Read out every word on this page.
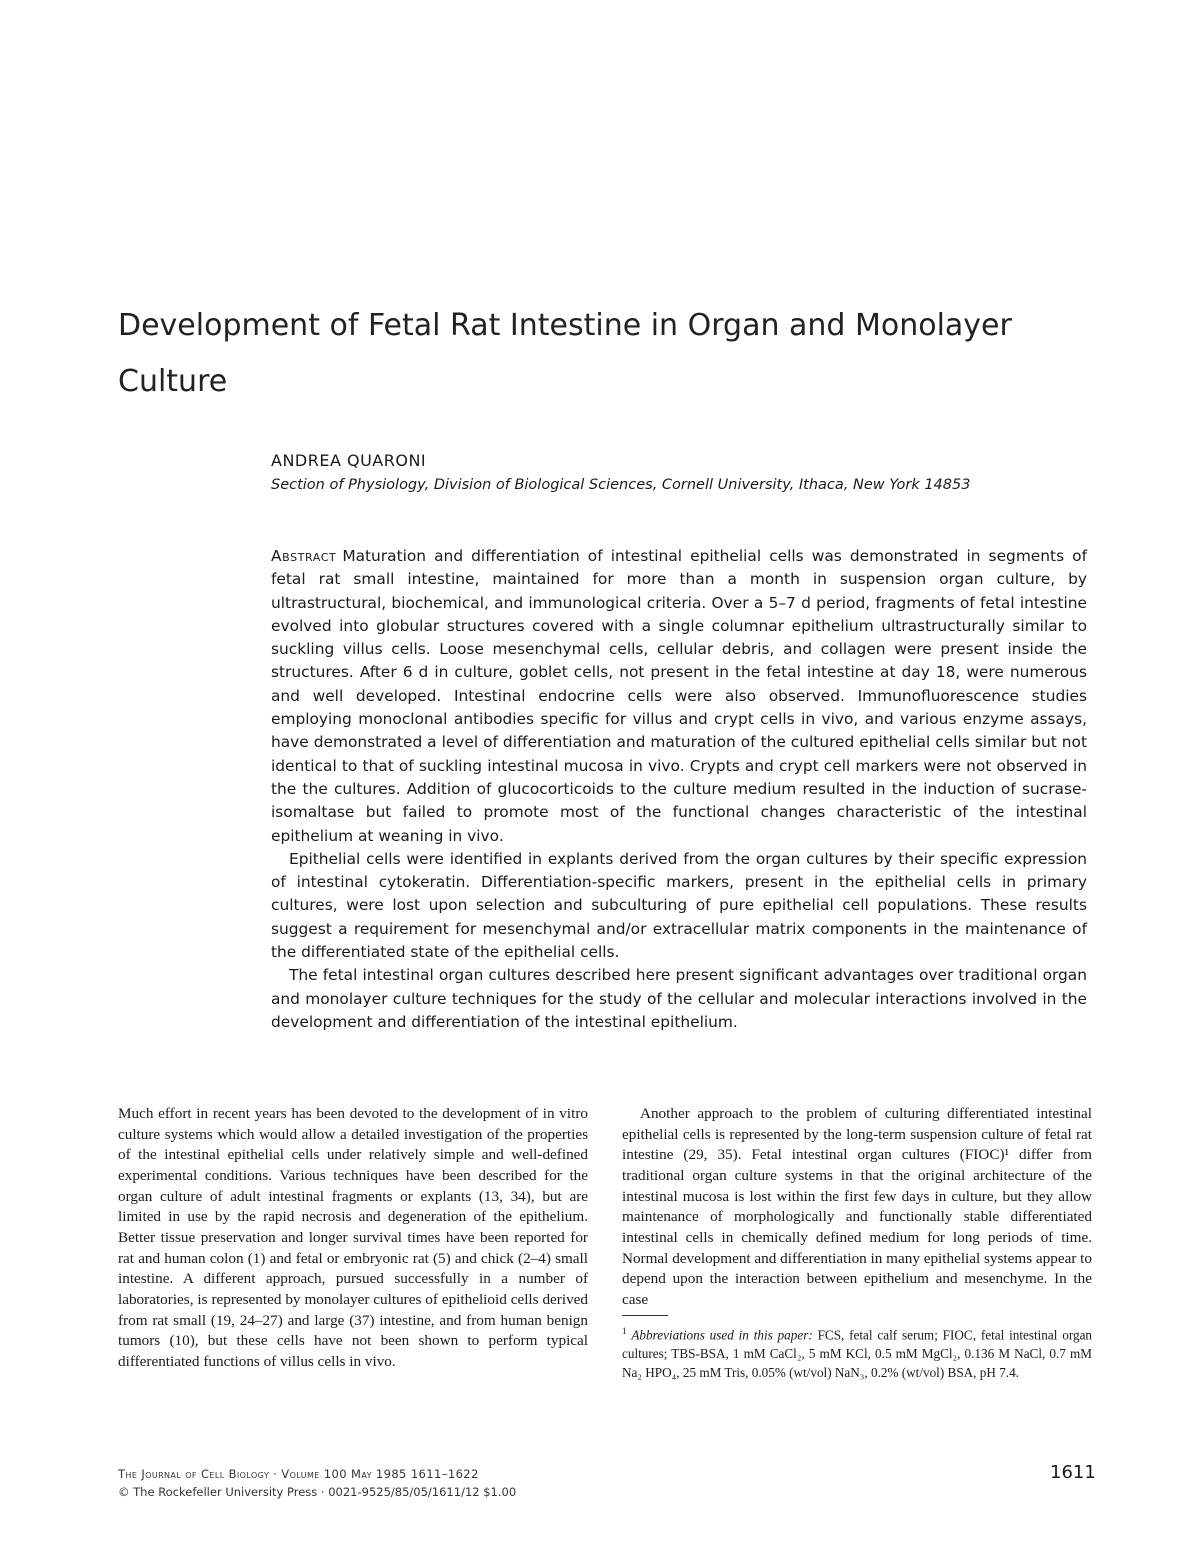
Development of Fetal Rat Intestine in Organ and Monolayer Culture
ANDREA QUARONI
Section of Physiology, Division of Biological Sciences, Cornell University, Ithaca, New York 14853

Abstract Maturation and differentiation of intestinal epithelial cells was demonstrated in segments of fetal rat small intestine, maintained for more than a month in suspension organ culture, by ultrastructural, biochemical, and immunological criteria. Over a 5–7 d period, fragments of fetal intestine evolved into globular structures covered with a single columnar epithelium ultrastructurally similar to suckling villus cells. Loose mesenchymal cells, cellular debris, and collagen were present inside the structures. After 6 d in culture, goblet cells, not present in the fetal intestine at day 18, were numerous and well developed. Intestinal endocrine cells were also observed. Immunofluorescence studies employing monoclonal antibodies specific for villus and crypt cells in vivo, and various enzyme assays, have demonstrated a level of differentiation and maturation of the cultured epithelial cells similar but not identical to that of suckling intestinal mucosa in vivo. Crypts and crypt cell markers were not observed in the the cultures. Addition of glucocorticoids to the culture medium resulted in the induction of sucrase-isomaltase but failed to promote most of the functional changes characteristic of the intestinal epithelium at weaning in vivo.

Epithelial cells were identified in explants derived from the organ cultures by their specific expression of intestinal cytokeratin. Differentiation-specific markers, present in the epithelial cells in primary cultures, were lost upon selection and subculturing of pure epithelial cell populations. These results suggest a requirement for mesenchymal and/or extracellular matrix components in the maintenance of the differentiated state of the epithelial cells.

The fetal intestinal organ cultures described here present significant advantages over traditional organ and monolayer culture techniques for the study of the cellular and molecular interactions involved in the development and differentiation of the intestinal epithelium.

Much effort in recent years has been devoted to the development of in vitro culture systems which would allow a detailed investigation of the properties of the intestinal epithelial cells under relatively simple and well-defined experimental conditions. Various techniques have been described for the organ culture of adult intestinal fragments or explants (13, 34), but are limited in use by the rapid necrosis and degeneration of the epithelium. Better tissue preservation and longer survival times have been reported for rat and human colon (1) and fetal or embryonic rat (5) and chick (2–4) small intestine. A different approach, pursued successfully in a number of laboratories, is represented by monolayer cultures of epithelioid cells derived from rat small (19, 24–27) and large (37) intestine, and from human benign tumors (10), but these cells have not been shown to perform typical differentiated functions of villus cells in vivo.

Another approach to the problem of culturing differentiated intestinal epithelial cells is represented by the long-term suspension culture of fetal rat intestine (29, 35). Fetal intestinal organ cultures (FIOC)¹ differ from traditional organ culture systems in that the original architecture of the intestinal mucosa is lost within the first few days in culture, but they allow maintenance of morphologically and functionally stable differentiated intestinal cells in chemically defined medium for long periods of time. Normal development and differentiation in many epithelial systems appear to depend upon the interaction between epithelium and mesenchyme. In the case

$^1$ Abbreviations used in this paper: FCS, fetal calf serum; FIOC, fetal intestinal organ cultures; TBS-BSA, 1 mM CaCl₂, 5 mM KCl, 0.5 mM MgCl₂, 0.136 M NaCl, 0.7 mM Na₂ HPO₄, 25 mM Tris, 0.05% (wt/vol) NaN₃, 0.2% (wt/vol) BSA, pH 7.4.

The Journal of Cell Biology · Volume 100 May 1985 1611–1622
© The Rockefeller University Press · 0021-9525/85/05/1611/12 $1.00
1611
